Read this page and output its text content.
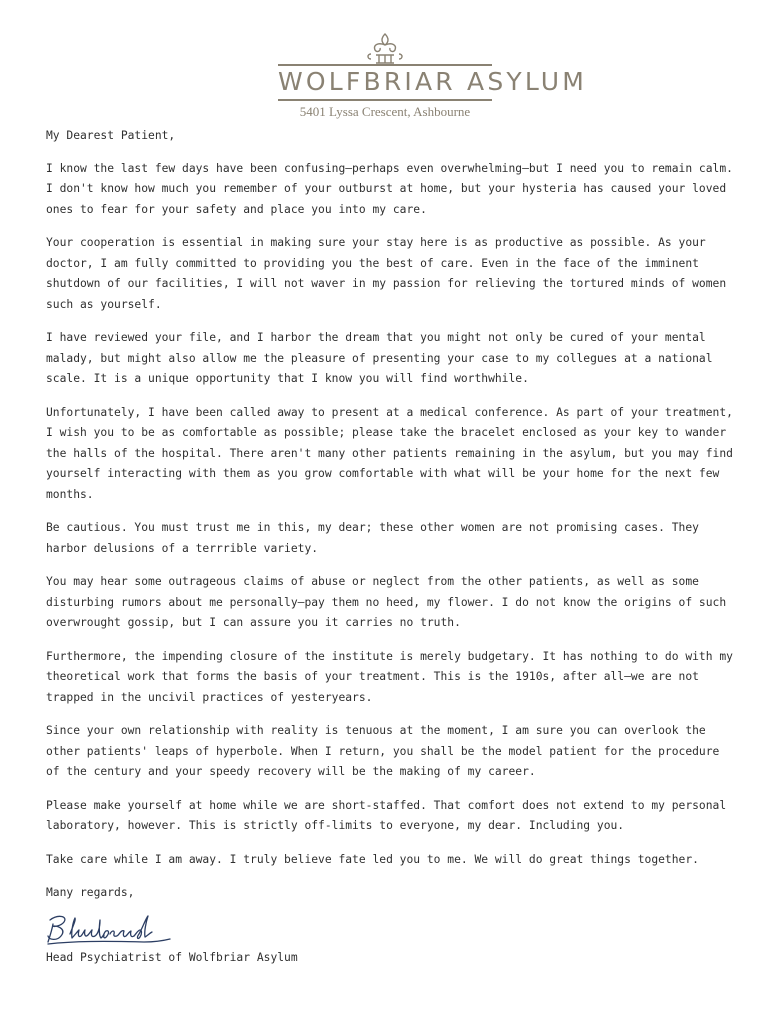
WOLFBRIAR ASYLUM
5401 Lyssa Crescent, Ashbourne

My Dearest Patient,

I know the last few days have been confusing—perhaps even overwhelming—but I need you to remain calm. I don't know how much you remember of your outburst at home, but your hysteria has caused your loved ones to fear for your safety and place you into my care.

Your cooperation is essential in making sure your stay here is as productive as possible. As your doctor, I am fully committed to providing you the best of care. Even in the face of the imminent shutdown of our facilities, I will not waver in my passion for relieving the tortured minds of women such as yourself.

I have reviewed your file, and I harbor the dream that you might not only be cured of your mental malady, but might also allow me the pleasure of presenting your case to my collegues at a national scale. It is a unique opportunity that I know you will find worthwhile.

Unfortunately, I have been called away to present at a medical conference. As part of your treatment, I wish you to be as comfortable as possible; please take the bracelet enclosed as your key to wander the halls of the hospital. There aren't many other patients remaining in the asylum, but you may find yourself interacting with them as you grow comfortable with what will be your home for the next few months.

Be cautious. You must trust me in this, my dear; these other women are not promising cases. They harbor delusions of a terrrible variety.

You may hear some outrageous claims of abuse or neglect from the other patients, as well as some disturbing rumors about me personally—pay them no heed, my flower. I do not know the origins of such overwrought gossip, but I can assure you it carries no truth.

Furthermore, the impending closure of the institute is merely budgetary. It has nothing to do with my theoretical work that forms the basis of your treatment. This is the 1910s, after all—we are not trapped in the uncivil practices of yesteryears.

Since your own relationship with reality is tenuous at the moment, I am sure you can overlook the other patients' leaps of hyperbole. When I return, you shall be the model patient for the procedure of the century and your speedy recovery will be the making of my career.

Please make yourself at home while we are short-staffed. That comfort does not extend to my personal laboratory, however. This is strictly off-limits to everyone, my dear. Including you.

Take care while I am away. I truly believe fate led you to me. We will do great things together.

Many regards,

Head Psychiatrist of Wolfbriar Asylum
